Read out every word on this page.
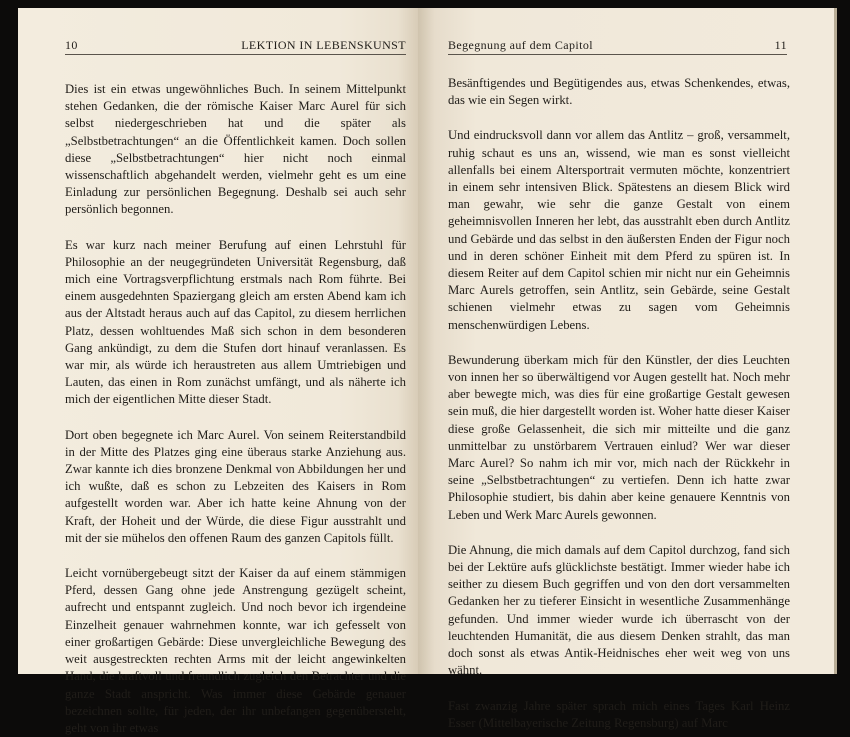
10	LEKTION IN LEBENSKUNST

Dies ist ein etwas ungewöhnliches Buch. In seinem Mittelpunkt stehen Gedanken, die der römische Kaiser Marc Aurel für sich selbst niedergeschrieben hat und die später als „Selbstbetrachtungen“ an die Öffentlichkeit kamen. Doch sollen diese „Selbstbetrachtungen“ hier nicht noch einmal wissenschaftlich abgehandelt werden, vielmehr geht es um eine Einladung zur persönlichen Begegnung. Deshalb sei auch sehr persönlich begonnen.

Es war kurz nach meiner Berufung auf einen Lehrstuhl für Philosophie an der neugegründeten Universität Regensburg, daß mich eine Vortragsverpflichtung erstmals nach Rom führte. Bei einem ausgedehnten Spaziergang gleich am ersten Abend kam ich aus der Altstadt heraus auch auf das Capitol, zu diesem herrlichen Platz, dessen wohltuendes Maß sich schon in dem besonderen Gang ankündigt, zu dem die Stufen dort hinauf veranlassen. Es war mir, als würde ich heraustreten aus allem Umtriebigen und Lauten, das einen in Rom zunächst umfängt, und als näherte ich mich der eigentlichen Mitte dieser Stadt.

Dort oben begegnete ich Marc Aurel. Von seinem Reiterstandbild in der Mitte des Platzes ging eine überaus starke Anziehung aus. Zwar kannte ich dies bronzene Denkmal von Abbildungen her und ich wußte, daß es schon zu Lebzeiten des Kaisers in Rom aufgestellt worden war. Aber ich hatte keine Ahnung von der Kraft, der Hoheit und der Würde, die diese Figur ausstrahlt und mit der sie mühelos den offenen Raum des ganzen Capitols füllt.

Leicht vornübergebeugt sitzt der Kaiser da auf einem stämmigen Pferd, dessen Gang ohne jede Anstrengung gezügelt scheint, aufrecht und entspannt zugleich. Und noch bevor ich irgendeine Einzelheit genauer wahrnehmen konnte, war ich gefesselt von einer großartigen Gebärde: Diese unvergleichliche Bewegung des weit ausgestreckten rechten Arms mit der leicht angewinkelten Hand, die kraftvoll und freundlich zugleich den Betrachter und die ganze Stadt anspricht. Was immer diese Gebärde genauer bezeichnen sollte, für jeden, der ihr unbefangen gegenübersteht, geht von ihr etwas

Begegnung auf dem Capitol	11

Besänftigendes und Begütigendes aus, etwas Schenkendes, etwas, das wie ein Segen wirkt.

Und eindrucksvoll dann vor allem das Antlitz – groß, versammelt, ruhig schaut es uns an, wissend, wie man es sonst vielleicht allenfalls bei einem Altersportrait vermuten möchte, konzentriert in einem sehr intensiven Blick. Spätestens an diesem Blick wird man gewahr, wie sehr die ganze Gestalt von einem geheimnisvollen Inneren her lebt, das ausstrahlt eben durch Antlitz und Gebärde und das selbst in den äußersten Enden der Figur noch und in deren schöner Einheit mit dem Pferd zu spüren ist. In diesem Reiter auf dem Capitol schien mir nicht nur ein Geheimnis Marc Aurels getroffen, sein Antlitz, sein Gebärde, seine Gestalt schienen vielmehr etwas zu sagen vom Geheimnis menschenwürdigen Lebens.

Bewunderung überkam mich für den Künstler, der dies Leuchten von innen her so überwältigend vor Augen gestellt hat. Noch mehr aber bewegte mich, was dies für eine großartige Gestalt gewesen sein muß, die hier dargestellt worden ist. Woher hatte dieser Kaiser diese große Gelassenheit, die sich mir mitteilte und die ganz unmittelbar zu unstörbarem Vertrauen einlud? Wer war dieser Marc Aurel? So nahm ich mir vor, mich nach der Rückkehr in seine „Selbstbetrachtungen“ zu vertiefen. Denn ich hatte zwar Philosophie studiert, bis dahin aber keine genauere Kenntnis von Leben und Werk Marc Aurels gewonnen.

Die Ahnung, die mich damals auf dem Capitol durchzog, fand sich bei der Lektüre aufs glücklichste bestätigt. Immer wieder habe ich seither zu diesem Buch gegriffen und von den dort versammelten Gedanken her zu tieferer Einsicht in wesentliche Zusammenhänge gefunden. Und immer wieder wurde ich überrascht von der leuchtenden Humanität, die aus diesem Denken strahlt, das man doch sonst als etwas Antik-Heidnisches eher weit weg von uns wähnt.

Fast zwanzig Jahre später sprach mich eines Tages Karl Heinz Esser (Mittelbayerische Zeitung Regensburg) auf Marc
